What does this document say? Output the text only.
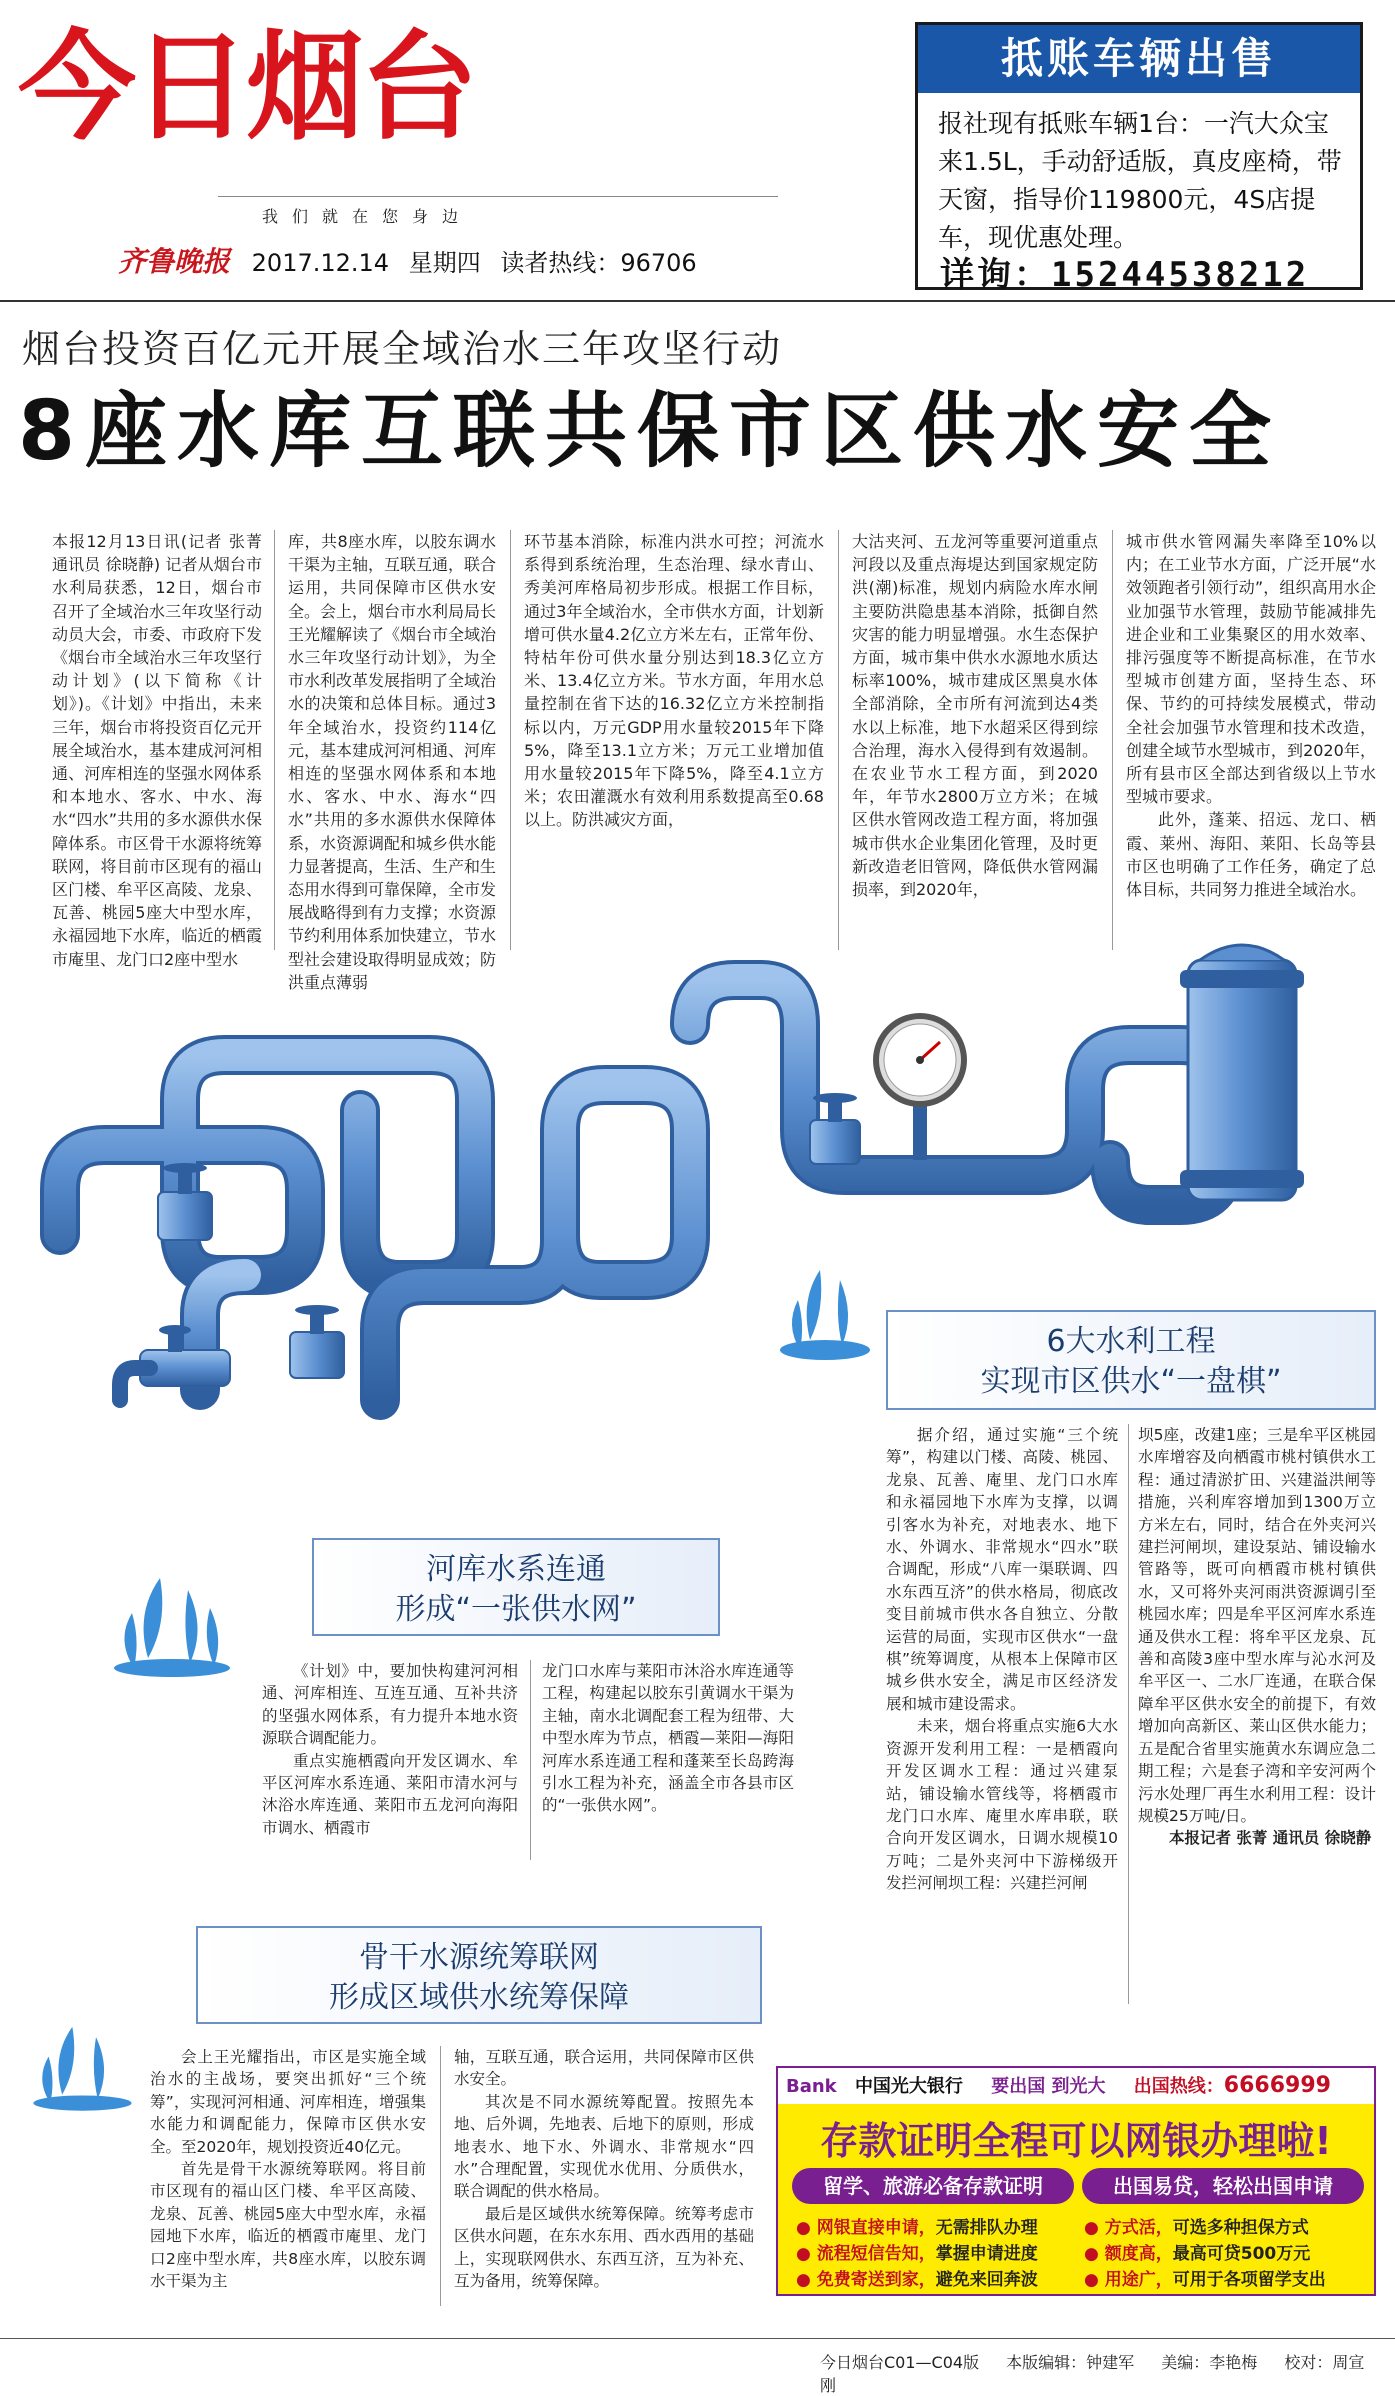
今日烟台
我们就在您身边
齐鲁晚报 2017.12.14 星期四 读者热线：96706
抵账车辆出售
报社现有抵账车辆1台：一汽大众宝来1.5L，手动舒适版，真皮座椅，带天窗，指导价119800元，4S店提车，现优惠处理。
详询：15244538212
烟台投资百亿元开展全域治水三年攻坚行动
8座水库互联共保市区供水安全

本报12月13日讯(记者 张菁 通讯员 徐晓静) 记者从烟台市水利局获悉，12日，烟台市召开了全域治水三年攻坚行动动员大会，市委、市政府下发《烟台市全域治水三年攻坚行动计划》(以下简称《计划》)。《计划》中指出，未来三年，烟台市将投资百亿元开展全域治水，基本建成河河相通、河库相连的坚强水网体系和本地水、客水、中水、海水“四水”共用的多水源供水保障体系。市区骨干水源将统筹联网，将目前市区现有的福山区门楼、牟平区高陵、龙泉、瓦善、桃园5座大中型水库，永福园地下水库，临近的栖霞市庵里、龙门口2座中型水

库，共8座水库，以胶东调水干渠为主轴，互联互通，联合运用，共同保障市区供水安全。会上，烟台市水利局局长王光耀解读了《烟台市全域治水三年攻坚行动计划》，为全市水利改革发展指明了全域治水的决策和总体目标。通过3年全域治水，投资约114亿元，基本建成河河相通、河库相连的坚强水网体系和本地水、客水、中水、海水“四水”共用的多水源供水保障体系，水资源调配和城乡供水能力显著提高，生活、生产和生态用水得到可靠保障，全市发展战略得到有力支撑；水资源节约利用体系加快建立，节水型社会建设取得明显成效；防洪重点薄弱

环节基本消除，标准内洪水可控；河流水系得到系统治理，生态治理、绿水青山、秀美河库格局初步形成。根据工作目标，通过3年全域治水，全市供水方面，计划新增可供水量4.2亿立方米左右，正常年份、特枯年份可供水量分别达到18.3亿立方米、13.4亿立方米。节水方面，年用水总量控制在省下达的16.32亿立方米控制指标以内，万元GDP用水量较2015年下降5%，降至13.1立方米；万元工业增加值用水量较2015年下降5%，降至4.1立方米；农田灌溉水有效利用系数提高至0.68以上。防洪减灾方面，

大沽夹河、五龙河等重要河道重点河段以及重点海堤达到国家规定防洪(潮)标准，规划内病险水库水闸主要防洪隐患基本消除，抵御自然灾害的能力明显增强。水生态保护方面，城市集中供水水源地水质达标率100%，城市建成区黑臭水体全部消除，全市所有河流到达4类水以上标准，地下水超采区得到综合治理，海水入侵得到有效遏制。在农业节水工程方面，到2020年，年节水2800万立方米；在城区供水管网改造工程方面，将加强城市供水企业集团化管理，及时更新改造老旧管网，降低供水管网漏损率，到2020年，

城市供水管网漏失率降至10%以内；在工业节水方面，广泛开展“水效领跑者引领行动”，组织高用水企业加强节水管理，鼓励节能减排先进企业和工业集聚区的用水效率、排污强度等不断提高标准，在节水型城市创建方面，坚持生态、环保、节约的可持续发展模式，带动全社会加强节水管理和技术改造，创建全域节水型城市，到2020年，所有县市区全部达到省级以上节水型城市要求。

此外，蓬莱、招远、龙口、栖霞、莱州、海阳、莱阳、长岛等县市区也明确了工作任务，确定了总体目标，共同努力推进全域治水。

6大水利工程
实现市区供水“一盘棋”

据介绍，通过实施“三个统筹”，构建以门楼、高陵、桃园、龙泉、瓦善、庵里、龙门口水库和永福园地下水库为支撑，以调引客水为补充，对地表水、地下水、外调水、非常规水“四水”联合调配，形成“八库一渠联调、四水东西互济”的供水格局，彻底改变目前城市供水各自独立、分散运营的局面，实现市区供水“一盘棋”统筹调度，从根本上保障市区城乡供水安全，满足市区经济发展和城市建设需求。

未来，烟台将重点实施6大水资源开发利用工程：一是栖霞向开发区调水工程：通过兴建泵站，铺设输水管线等，将栖霞市龙门口水库、庵里水库串联，联合向开发区调水，日调水规模10万吨；二是外夹河中下游梯级开发拦河闸坝工程：兴建拦河闸

坝5座，改建1座；三是牟平区桃园水库增容及向栖霞市桃村镇供水工程：通过清淤扩田、兴建溢洪闸等措施，兴利库容增加到1300万立方米左右，同时，结合在外夹河兴建拦河闸坝，建设泵站、铺设输水管路等，既可向栖霞市桃村镇供水，又可将外夹河雨洪资源调引至桃园水库；四是牟平区河库水系连通及供水工程：将牟平区龙泉、瓦善和高陵3座中型水库与沁水河及牟平区一、二水厂连通，在联合保障牟平区供水安全的前提下，有效增加向高新区、莱山区供水能力；五是配合省里实施黄水东调应急二期工程；六是套子湾和辛安河两个污水处理厂再生水利用工程：设计规模25万吨/日。

本报记者 张菁 通讯员 徐晓静

河库水系连通
形成“一张供水网”

《计划》中，要加快构建河河相通、河库相连、互连互通、互补共济的坚强水网体系，有力提升本地水资源联合调配能力。

重点实施栖霞向开发区调水、牟平区河库水系连通、莱阳市清水河与沐浴水库连通、莱阳市五龙河向海阳市调水、栖霞市

龙门口水库与莱阳市沐浴水库连通等工程，构建起以胶东引黄调水干渠为主轴，南水北调配套工程为纽带、大中型水库为节点，栖霞—莱阳—海阳河库水系连通工程和蓬莱至长岛跨海引水工程为补充，涵盖全市各县市区的“一张供水网”。

骨干水源统筹联网
形成区域供水统筹保障

会上王光耀指出，市区是实施全域治水的主战场，要突出抓好“三个统筹”，实现河河相通、河库相连，增强集水能力和调配能力，保障市区供水安全。至2020年，规划投资近40亿元。

首先是骨干水源统筹联网。将目前市区现有的福山区门楼、牟平区高陵、龙泉、瓦善、桃园5座大中型水库，永福园地下水库，临近的栖霞市庵里、龙门口2座中型水库，共8座水库，以胶东调水干渠为主

轴，互联互通，联合运用，共同保障市区供水安全。

其次是不同水源统筹配置。按照先本地、后外调，先地表、后地下的原则，形成地表水、地下水、外调水、非常规水“四水”合理配置，实现优水优用、分质供水，联合调配的供水格局。

最后是区域供水统筹保障。统筹考虑市区供水问题，在东水东用、西水西用的基础上，实现联网供水、东西互济，互为补充、互为备用，统筹保障。

Bank 中国光大银行 要出国 到光大 出国热线：6666999
存款证明全程可以网银办理啦!
留学、旅游必备存款证明	出国易贷，轻松出国申请
● 网银直接申请，无需排队办理
● 流程短信告知，掌握申请进度
● 免费寄送到家，避免来回奔波
● 方式活，可选多种担保方式
● 额度高，最高可贷500万元
● 用途广，可用于各项留学支出
今日烟台C01—C04版 本版编辑：钟建军 美编：李艳梅 校对：周宣刚
